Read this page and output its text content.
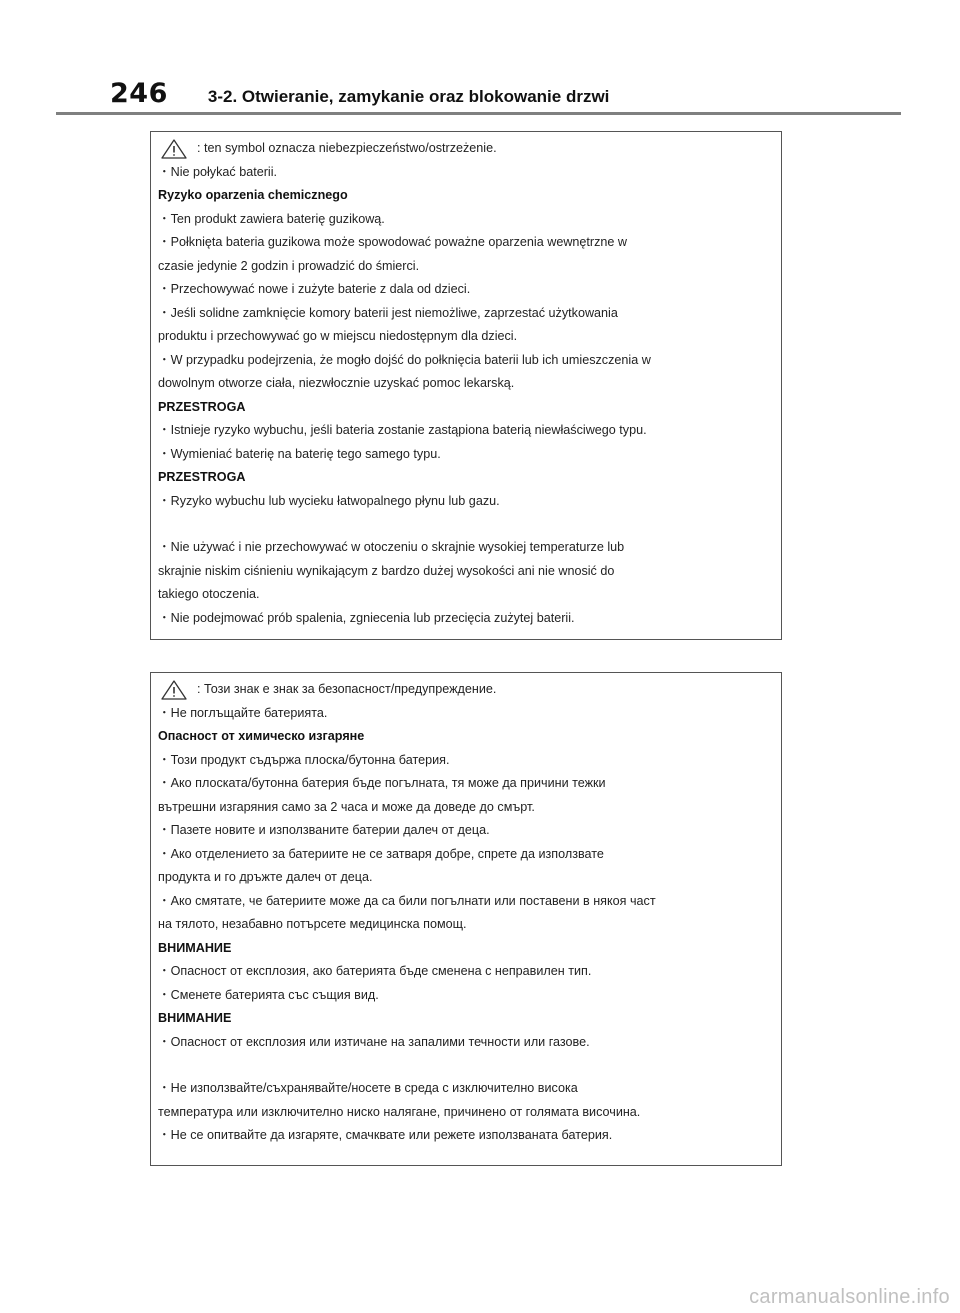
246 3-2. Otwieranie, zamykanie oraz blokowanie drzwi
: ten symbol oznacza niebezpieczeństwo/ostrzeżenie.
・Nie połykać baterii.
Ryzyko oparzenia chemicznego
・Ten produkt zawiera baterię guzikową.
・Połknięta bateria guzikowa może spowodować poważne oparzenia wewnętrzne w
czasie jedynie 2 godzin i prowadzić do śmierci.
・Przechowywać nowe i zużyte baterie z dala od dzieci.
・Jeśli solidne zamknięcie komory baterii jest niemożliwe, zaprzestać użytkowania
produktu i przechowywać go w miejscu niedostępnym dla dzieci.
・W przypadku podejrzenia, że mogło dojść do połknięcia baterii lub ich umieszczenia w
dowolnym otworze ciała, niezwłocznie uzyskać pomoc lekarską.
PRZESTROGA
・Istnieje ryzyko wybuchu, jeśli bateria zostanie zastąpiona baterią niewłaściwego typu.
・Wymieniać baterię na baterię tego samego typu.
PRZESTROGA
・Ryzyko wybuchu lub wycieku łatwopalnego płynu lub gazu.
・Nie używać i nie przechowywać w otoczeniu o skrajnie wysokiej temperaturze lub
skrajnie niskim ciśnieniu wynikającym z bardzo dużej wysokości ani nie wnosić do
takiego otoczenia.
・Nie podejmować prób spalenia, zgniecenia lub przecięcia zużytej baterii.
: Този знак е знак за безопасност/предупреждение.
・Не поглъщайте батерията.
Опасност от химическо изгаряне
・Този продукт съдържа плоска/бутонна батерия.
・Ако плоската/бутонна батерия бъде погълната, тя може да причини тежки
вътрешни изгаряния само за 2 часа и може да доведе до смърт.
・Пазете новите и използваните батерии далеч от деца.
・Ако отделението за батериите не се затваря добре, спрете да използвате
продукта и го дръжте далеч от деца.
・Ако смятате, че батериите може да са били погълнати или поставени в някоя част
на тялото, незабавно потърсете медицинска помощ.
ВНИМАНИЕ
・Опасност от експлозия, ако батерията бъде сменена с неправилен тип.
・Сменете батерията със същия вид.
ВНИМАНИЕ
・Опасност от експлозия или изтичане на запалими течности или газове.
・Не използвайте/съхранявайте/носете в среда с изключително висока
температура или изключително ниско налягане, причинено от голямата височина.
・Не се опитвайте да изгаряте, смачквате или режете използваната батерия.
carmanualsonline.info
